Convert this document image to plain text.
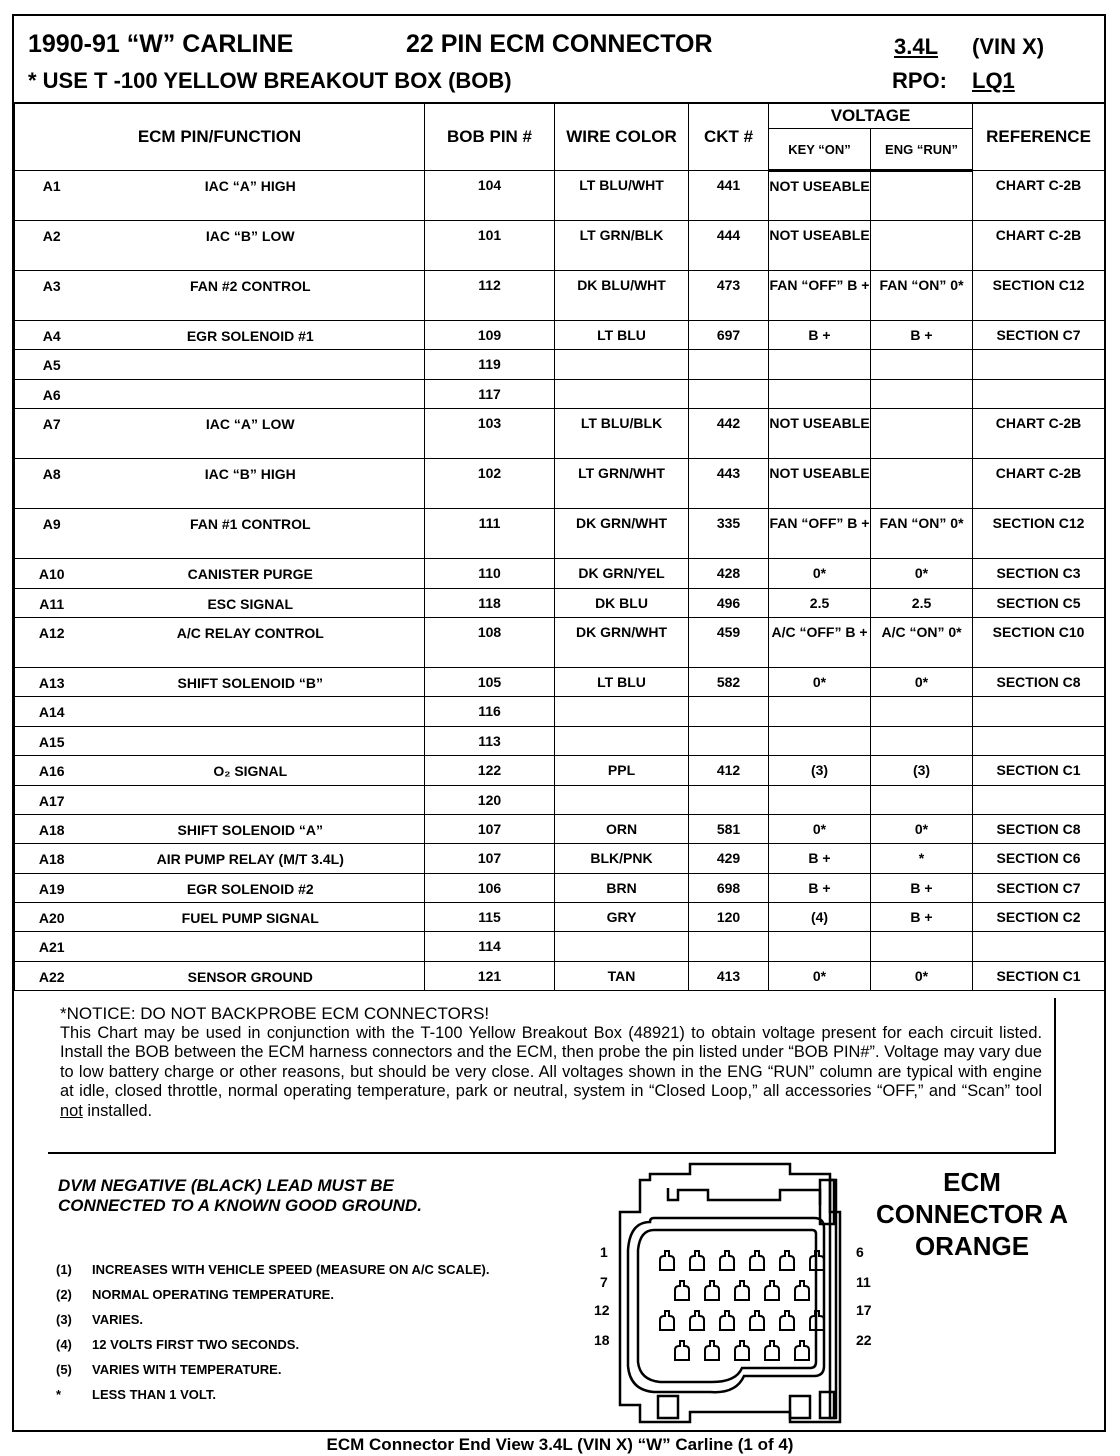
1990-91 “W” CARLINE	22 PIN ECM CONNECTOR	3.4L (VIN X)
* USE T -100 YELLOW BREAKOUT BOX (BOB)	RPO: LQ1
ECM PIN/FUNCTION		BOB PIN #	WIRE COLOR	CKT #	VOLTAGE		REFERENCE
					KEY “ON”	ENG “RUN”	

A1	IAC “A” HIGH	104	LT BLU/WHT	441	NOT USEABLE		CHART C-2B

A2	IAC “B” LOW	101	LT GRN/BLK	444	NOT USEABLE		CHART C-2B

A3	FAN #2 CONTROL	112	DK BLU/WHT	473	FAN “OFF” B +	FAN “ON” 0*	SECTION C12

A4	EGR SOLENOID #1	109	LT BLU	697	B +	B +	SECTION C7

A5		119					

A6		117					

A7	IAC “A” LOW	103	LT BLU/BLK	442	NOT USEABLE		CHART C-2B

A8	IAC “B” HIGH	102	LT GRN/WHT	443	NOT USEABLE		CHART C-2B

A9	FAN #1 CONTROL	111	DK GRN/WHT	335	FAN “OFF” B +	FAN “ON” 0*	SECTION C12

A10	CANISTER PURGE	110	DK GRN/YEL	428	0*	0*	SECTION C3

A11	ESC SIGNAL	118	DK BLU	496	2.5	2.5	SECTION C5

A12	A/C RELAY CONTROL	108	DK GRN/WHT	459	A/C “OFF” B +	A/C “ON” 0*	SECTION C10

A13	SHIFT SOLENOID “B”	105	LT BLU	582	0*	0*	SECTION C8

A14		116					

A15		113					

A16	O₂ SIGNAL	122	PPL	412	(3)	(3)	SECTION C1

A17		120					

A18	SHIFT SOLENOID “A”	107	ORN	581	0*	0*	SECTION C8

A18	AIR PUMP RELAY (M/T 3.4L)	107	BLK/PNK	429	B +	*	SECTION C6

A19	EGR SOLENOID #2	106	BRN	698	B +	B +	SECTION C7

A20	FUEL PUMP SIGNAL	115	GRY	120	(4)	B +	SECTION C2

A21		114					

A22	SENSOR GROUND	121	TAN	413	0*	0*	SECTION C1
*NOTICE: DO NOT BACKPROBE ECM CONNECTORS!
This Chart may be used in conjunction with the T-100 Yellow Breakout Box (48921) to obtain voltage present for each circuit listed. Install the BOB between the ECM harness connectors and the ECM, then probe the pin listed under “BOB PIN#”. Voltage may vary due to low battery charge or other reasons, but should be very close. All voltages shown in the ENG “RUN” column are typical with engine at idle, closed throttle, normal operating temperature, park or neutral, system in “Closed Loop,” all accessories “OFF,” and “Scan” tool not installed.
DVM NEGATIVE (BLACK) LEAD MUST BE
CONNECTED TO A KNOWN GOOD GROUND.
(1) INCREASES WITH VEHICLE SPEED (MEASURE ON A/C SCALE).
(2) NORMAL OPERATING TEMPERATURE.
(3) VARIES.
(4) 12 VOLTS FIRST TWO SECONDS.
(5) VARIES WITH TEMPERATURE.
* LESS THAN 1 VOLT.
1
7
12
18
6
11
17
22
ECM
CONNECTOR A
ORANGE
ECM Connector End View 3.4L (VIN X) “W” Carline (1 of 4)
